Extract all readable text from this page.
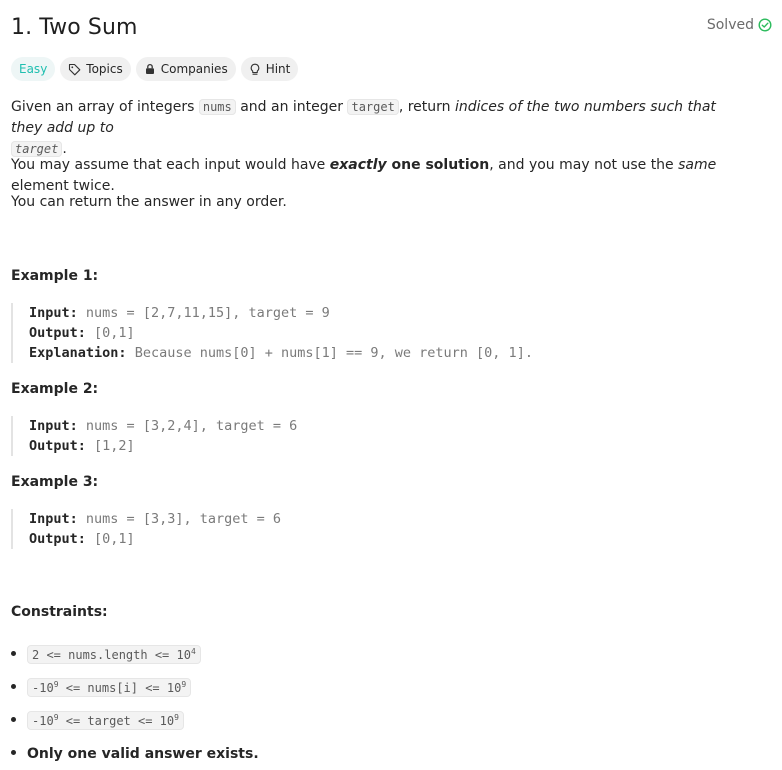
1. Two Sum	Solved
Easy	Topics	Companies	Hint
Given an array of integers nums and an integer target , return indices of the two numbers such that they add up to
target .
You may assume that each input would have exactly one solution, and you may not use the same element twice.
You can return the answer in any order.
Example 1:
Input: nums = [2,7,11,15], target = 9
Output: [0,1]
Explanation: Because nums[0] + nums[1] == 9, we return [0, 1].
Example 2:
Input: nums = [3,2,4], target = 6
Output: [1,2]
Example 3:
Input: nums = [3,3], target = 6
Output: [0,1]
Constraints:
2 <= nums.length <= $10^4$
$-10^9$ <= nums[i] <= $10^9$
$-10^9$ <= target <= $10^9$
Only one valid answer exists.
